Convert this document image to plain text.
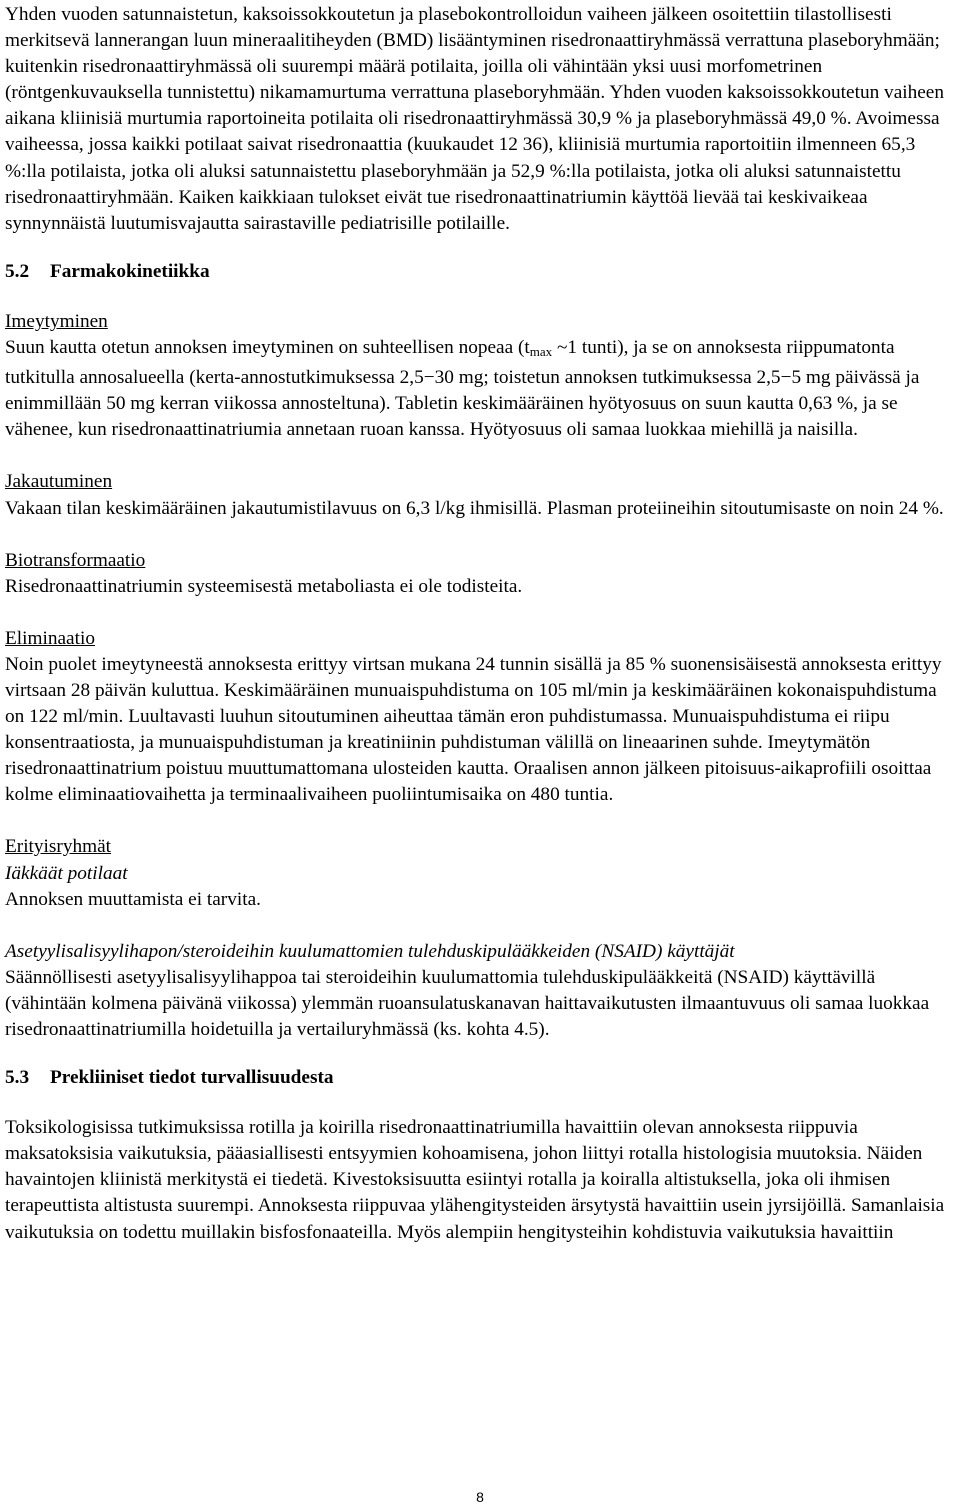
Yhden vuoden satunnaistetun, kaksoissokkoutetun ja plasebokontrolloidun vaiheen jälkeen osoitettiin tilastollisesti merkitsevä lannerangan luun mineraalitiheyden (BMD) lisääntyminen risedronaattiryhmässä verrattuna plaseboryhmään; kuitenkin risedronaattiryhmässä oli suurempi määrä potilaita, joilla oli vähintään yksi uusi morfometrinen (röntgenkuvauksella tunnistettu) nikamamurtuma verrattuna plaseboryhmään. Yhden vuoden kaksoissokkoutetun vaiheen aikana kliinisiä murtumia raportoineita potilaita oli risedronaattiryhmässä 30,9 % ja plaseboryhmässä 49,0 %. Avoimessa vaiheessa, jossa kaikki potilaat saivat risedronaattia (kuukaudet 12 36), kliinisiä murtumia raportoitiin ilmenneen 65,3 %:lla potilaista, jotka oli aluksi satunnaistettu plaseboryhmään ja 52,9 %:lla potilaista, jotka oli aluksi satunnaistettu risedronaattiryhmään. Kaiken kaikkiaan tulokset eivät tue risedronaattinatriumin käyttöä lievää tai keskivaikeaa synnynnäistä luutumisvajautta sairastaville pediatrisille potilaille.

5.2 Farmakokinetiikka

Imeytyminen

Suun kautta otetun annoksen imeytyminen on suhteellisen nopeaa (tmax ~1 tunti), ja se on annoksesta riippumatonta tutkitulla annosalueella (kerta-annostutkimuksessa 2,5−30 mg; toistetun annoksen tutkimuksessa 2,5−5 mg päivässä ja enimmillään 50 mg kerran viikossa annosteltuna). Tabletin keskimääräinen hyötyosuus on suun kautta 0,63 %, ja se vähenee, kun risedronaattinatriumia annetaan ruoan kanssa. Hyötyosuus oli samaa luokkaa miehillä ja naisilla.

Jakautuminen

Vakaan tilan keskimääräinen jakautumistilavuus on 6,3 l/kg ihmisillä. Plasman proteiineihin sitoutumisaste on noin 24 %.

Biotransformaatio

Risedronaattinatriumin systeemisestä metaboliasta ei ole todisteita.

Eliminaatio

Noin puolet imeytyneestä annoksesta erittyy virtsan mukana 24 tunnin sisällä ja 85 % suonensisäisestä annoksesta erittyy virtsaan 28 päivän kuluttua. Keskimääräinen munuaispuhdistuma on 105 ml/min ja keskimääräinen kokonaispuhdistuma on 122 ml/min. Luultavasti luuhun sitoutuminen aiheuttaa tämän eron puhdistumassa. Munuaispuhdistuma ei riipu konsentraatiosta, ja munuaispuhdistuman ja kreatiniinin puhdistuman välillä on lineaarinen suhde. Imeytymätön risedronaattinatrium poistuu muuttumattomana ulosteiden kautta. Oraalisen annon jälkeen pitoisuus-aikaprofiili osoittaa kolme eliminaatiovaihetta ja terminaalivaiheen puoliintumisaika on 480 tuntia.

Erityisryhmät

Iäkkäät potilaat

Annoksen muuttamista ei tarvita.

Asetyylisalisyylihapon/steroideihin kuulumattomien tulehduskipulääkkeiden (NSAID) käyttäjät

Säännöllisesti asetyylisalisyylihappoa tai steroideihin kuulumattomia tulehduskipulääkkeitä (NSAID) käyttävillä (vähintään kolmena päivänä viikossa) ylemmän ruoansulatuskanavan haittavaikutusten ilmaantuvuus oli samaa luokkaa risedronaattinatriumilla hoidetuilla ja vertailuryhmässä (ks. kohta 4.5).

5.3 Prekliiniset tiedot turvallisuudesta

Toksikologisissa tutkimuksissa rotilla ja koirilla risedronaattinatriumilla havaittiin olevan annoksesta riippuvia maksatoksisia vaikutuksia, pääasiallisesti entsyymien kohoamisena, johon liittyi rotalla histologisia muutoksia. Näiden havaintojen kliinistä merkitystä ei tiedetä. Kivestoksisuutta esiintyi rotalla ja koiralla altistuksella, joka oli ihmisen terapeuttista altistusta suurempi. Annoksesta riippuvaa ylähengitysteiden ärsytystä havaittiin usein jyrsijöillä. Samanlaisia vaikutuksia on todettu muillakin bisfosfonaateilla. Myös alempiin hengitysteihin kohdistuvia vaikutuksia havaittiin

8
